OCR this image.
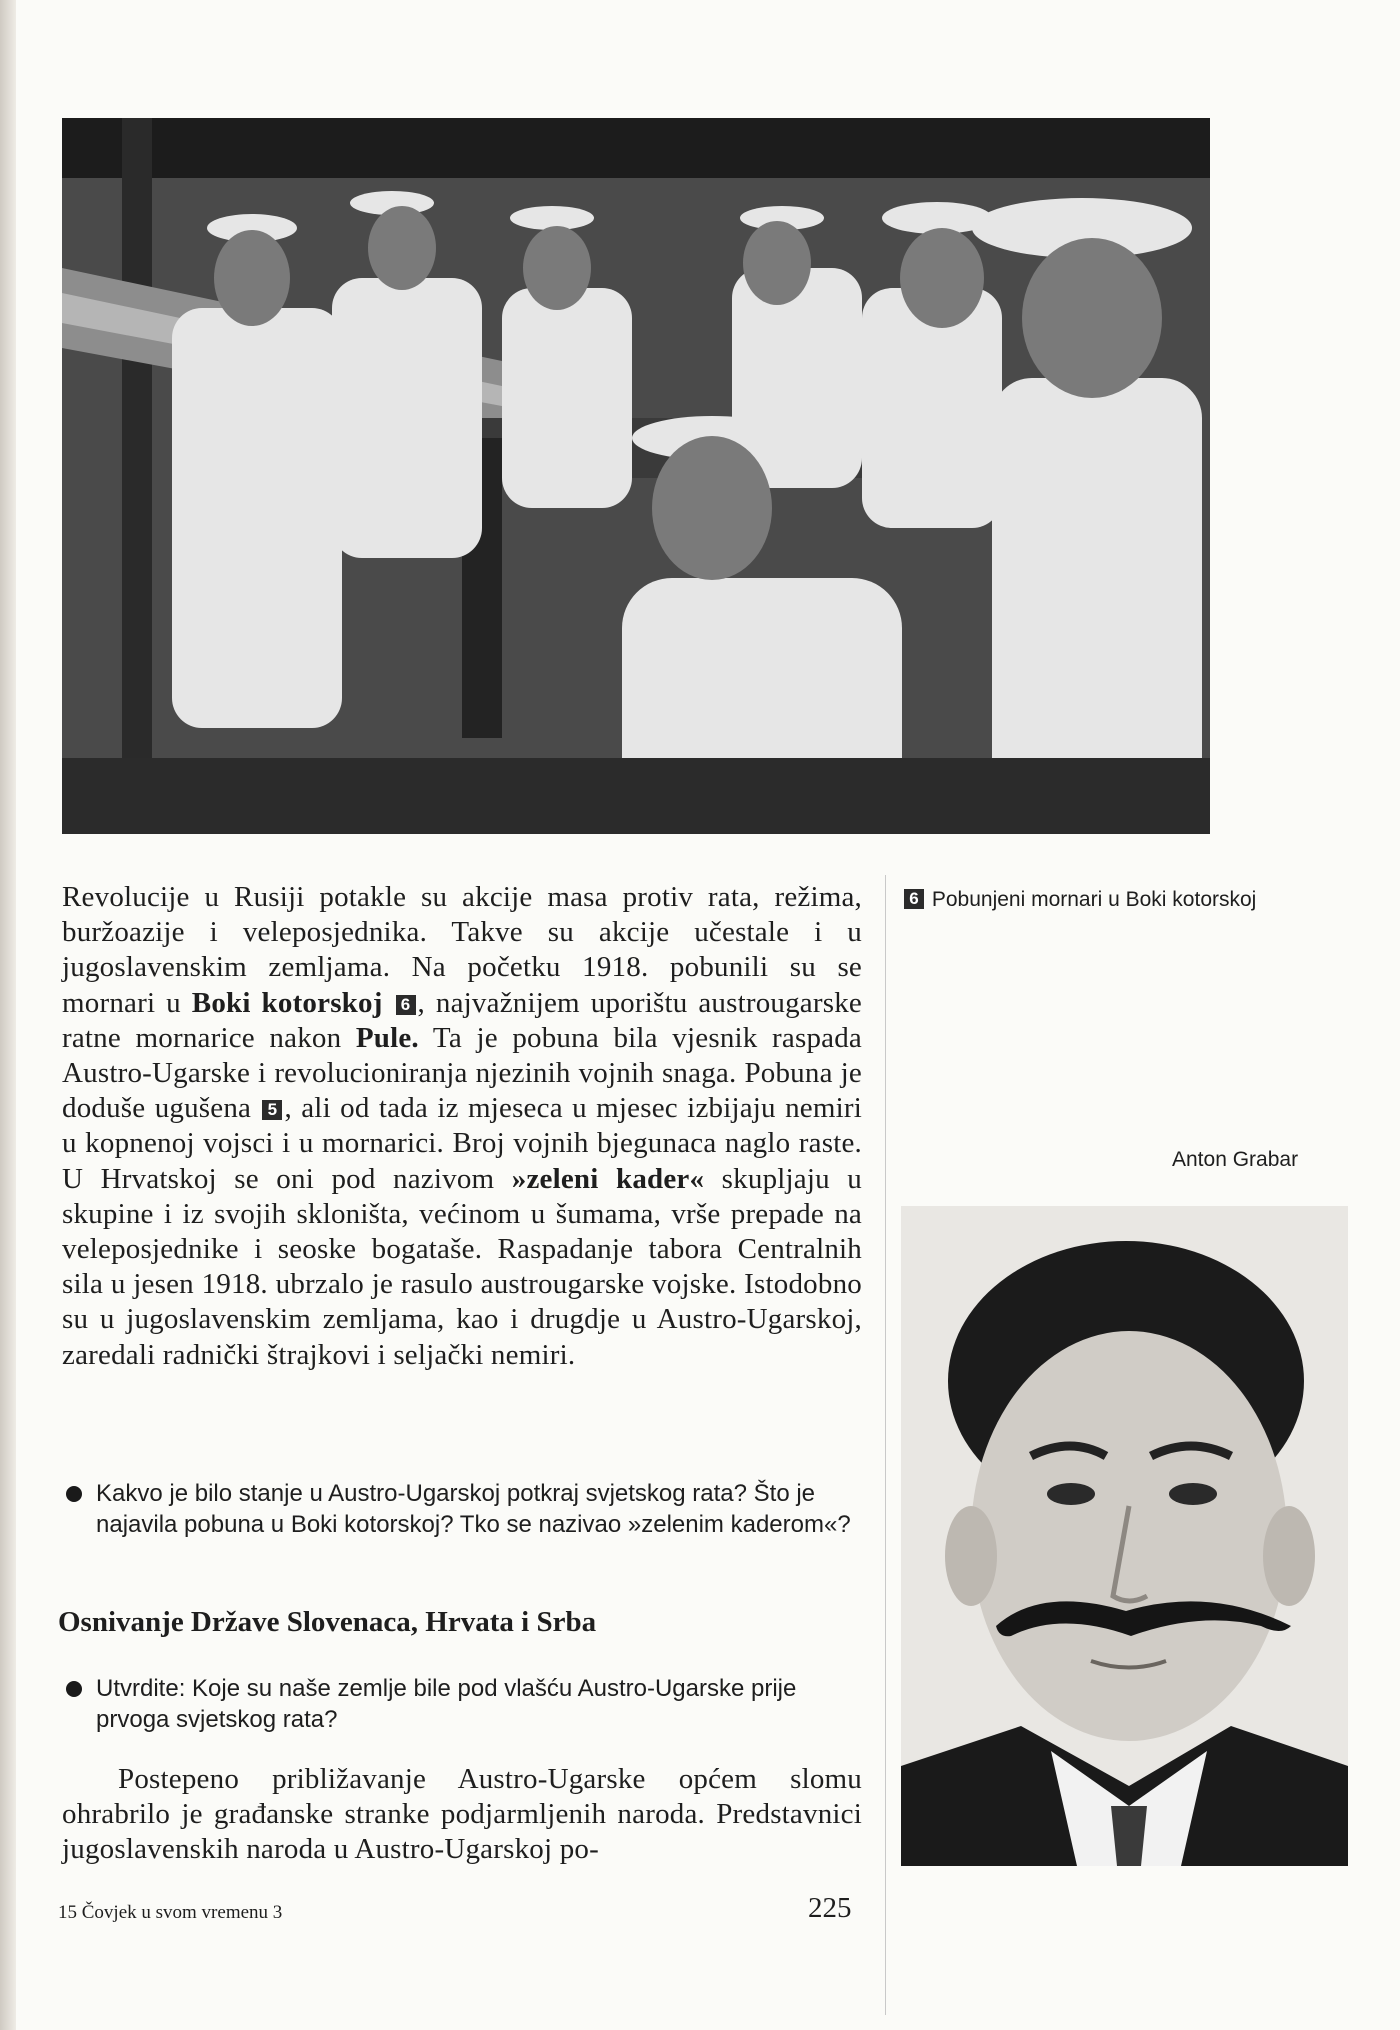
Revolucije u Rusiji potakle su akcije masa protiv rata, režima, buržoazije i veleposjednika. Takve su akcije učestale i u jugoslavenskim zemljama. Na početku 1918. pobunili su se mornari u Boki kotorskoj 6 , najvažnijem uporištu austrougarske ratne mornarice nakon Pule. Ta je pobuna bila vjesnik raspada Austro-Ugarske i revolucioniranja njezinih vojnih snaga. Pobuna je doduše ugušena 5 , ali od tada iz mjeseca u mjesec izbijaju nemiri u kopnenoj vojsci i u mornarici. Broj vojnih bjegunaca naglo raste. U Hrvatskoj se oni pod nazivom »zeleni kader« skupljaju u skupine i iz svojih skloništa, većinom u šumama, vrše prepade na veleposjednike i seoske bogataše. Raspadanje tabora Centralnih sila u jesen 1918. ubrzalo je rasulo austrougarske vojske. Istodobno su u jugoslavenskim zemljama, kao i drugdje u Austro-Ugarskoj, zaredali radnički štrajkovi i seljački nemiri.

Kakvo je bilo stanje u Austro-Ugarskoj potkraj svjetskog rata? Što je najavila pobuna u Boki kotorskoj? Tko se nazivao »zelenim kaderom«?
Osnivanje Države Slovenaca, Hrvata i Srba
Utvrdite: Koje su naše zemlje bile pod vlašću Austro-Ugarske prije prvoga svjetskog rata?

Postepeno približavanje Austro-Ugarske općem slomu ohrabrilo je građanske stranke podjarmljenih naroda. Predstavnici jugoslavenskih naroda u Austro-Ugarskoj po-

15 Čovjek u svom vremenu 3	225
6 Pobunjeni mornari u Boki kotorskoj
Anton Grabar
